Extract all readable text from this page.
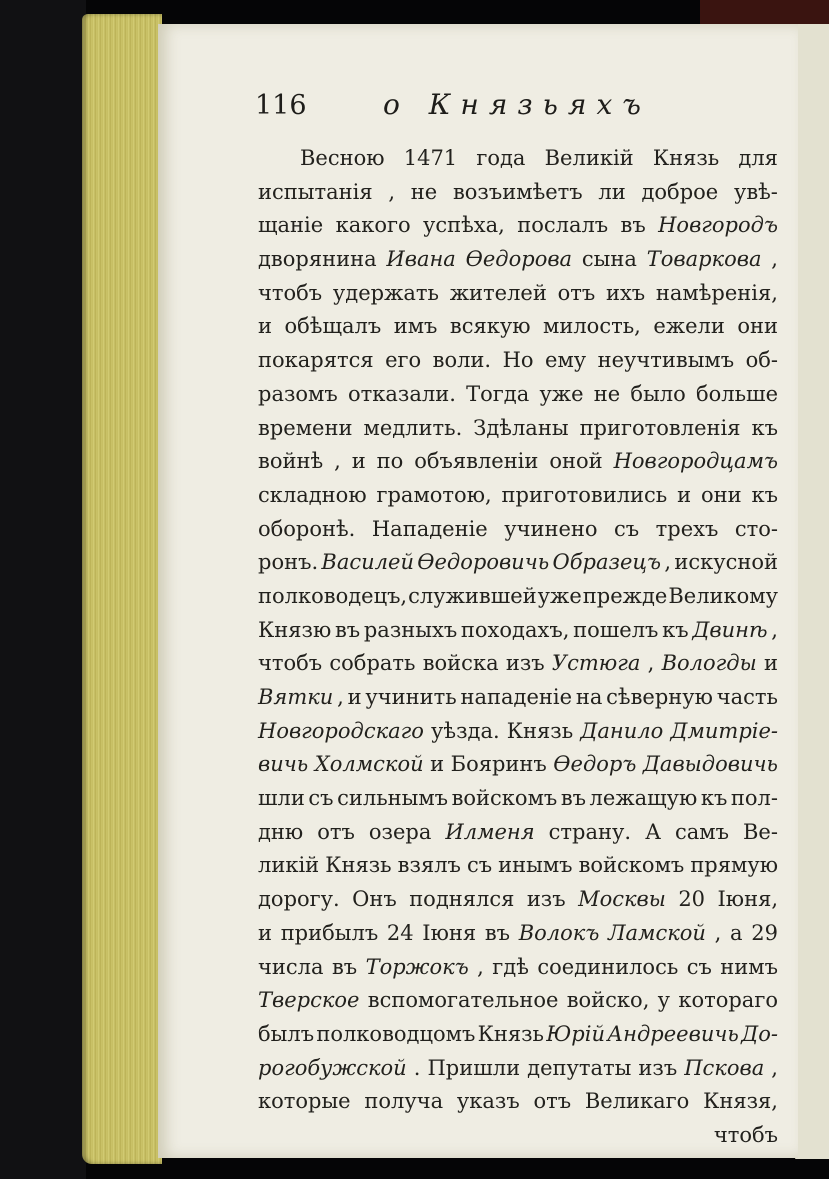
116	о Князьяхъ
Весною 1471 года Великій Князь для
испытанія , не возъимѣетъ ли доброе увѣ-
щаніе какого успѣха, послалъ въ Новгородъ
дворянина Ивана Ѳедорова сына Товаркова ,
чтобъ удержать жителей отъ ихъ намѣренія,
и обѣщалъ имъ всякую милость, ежели они
покарятся его воли. Но ему неучтивымъ об-
разомъ отказали. Тогда уже не было больше
времени медлить. Здѣланы приготовленія къ
войнѣ , и по объявленіи оной Новгородцамъ
складною грамотою, приготовились и они къ
оборонѣ. Нападеніе учинено съ трехъ сто-
ронъ. Василей Ѳедоровичь Образецъ , искусной
полководецъ, служившей уже прежде Великому
Князю въ разныхъ походахъ, пошелъ къ Двинѣ ,
чтобъ собрать войска изъ Устюга , Вологды и
Вятки , и учинить нападеніе на сѣверную часть
Новгородскаго уѣзда. Князь Данило Дмитріе-
вичь Холмской и Бояринъ Ѳедоръ Давыдовичь
шли съ сильнымъ войскомъ въ лежащую къ пол-
дню отъ озера Илменя страну. А самъ Ве-
ликій Князь взялъ съ инымъ войскомъ прямую
дорогу. Онъ поднялся изъ Москвы 20 Іюня,
и прибылъ 24 Іюня въ Волокъ Ламской , а 29
числа въ Торжокъ , гдѣ соединилось съ нимъ
Тверское вспомогательное войско, у котораго
былъ полководцомъ Князь Юрій Андреевичь До-
рогобужской . Пришли депутаты изъ Пскова ,
которые получа указъ отъ Великаго Князя,
чтобъ
